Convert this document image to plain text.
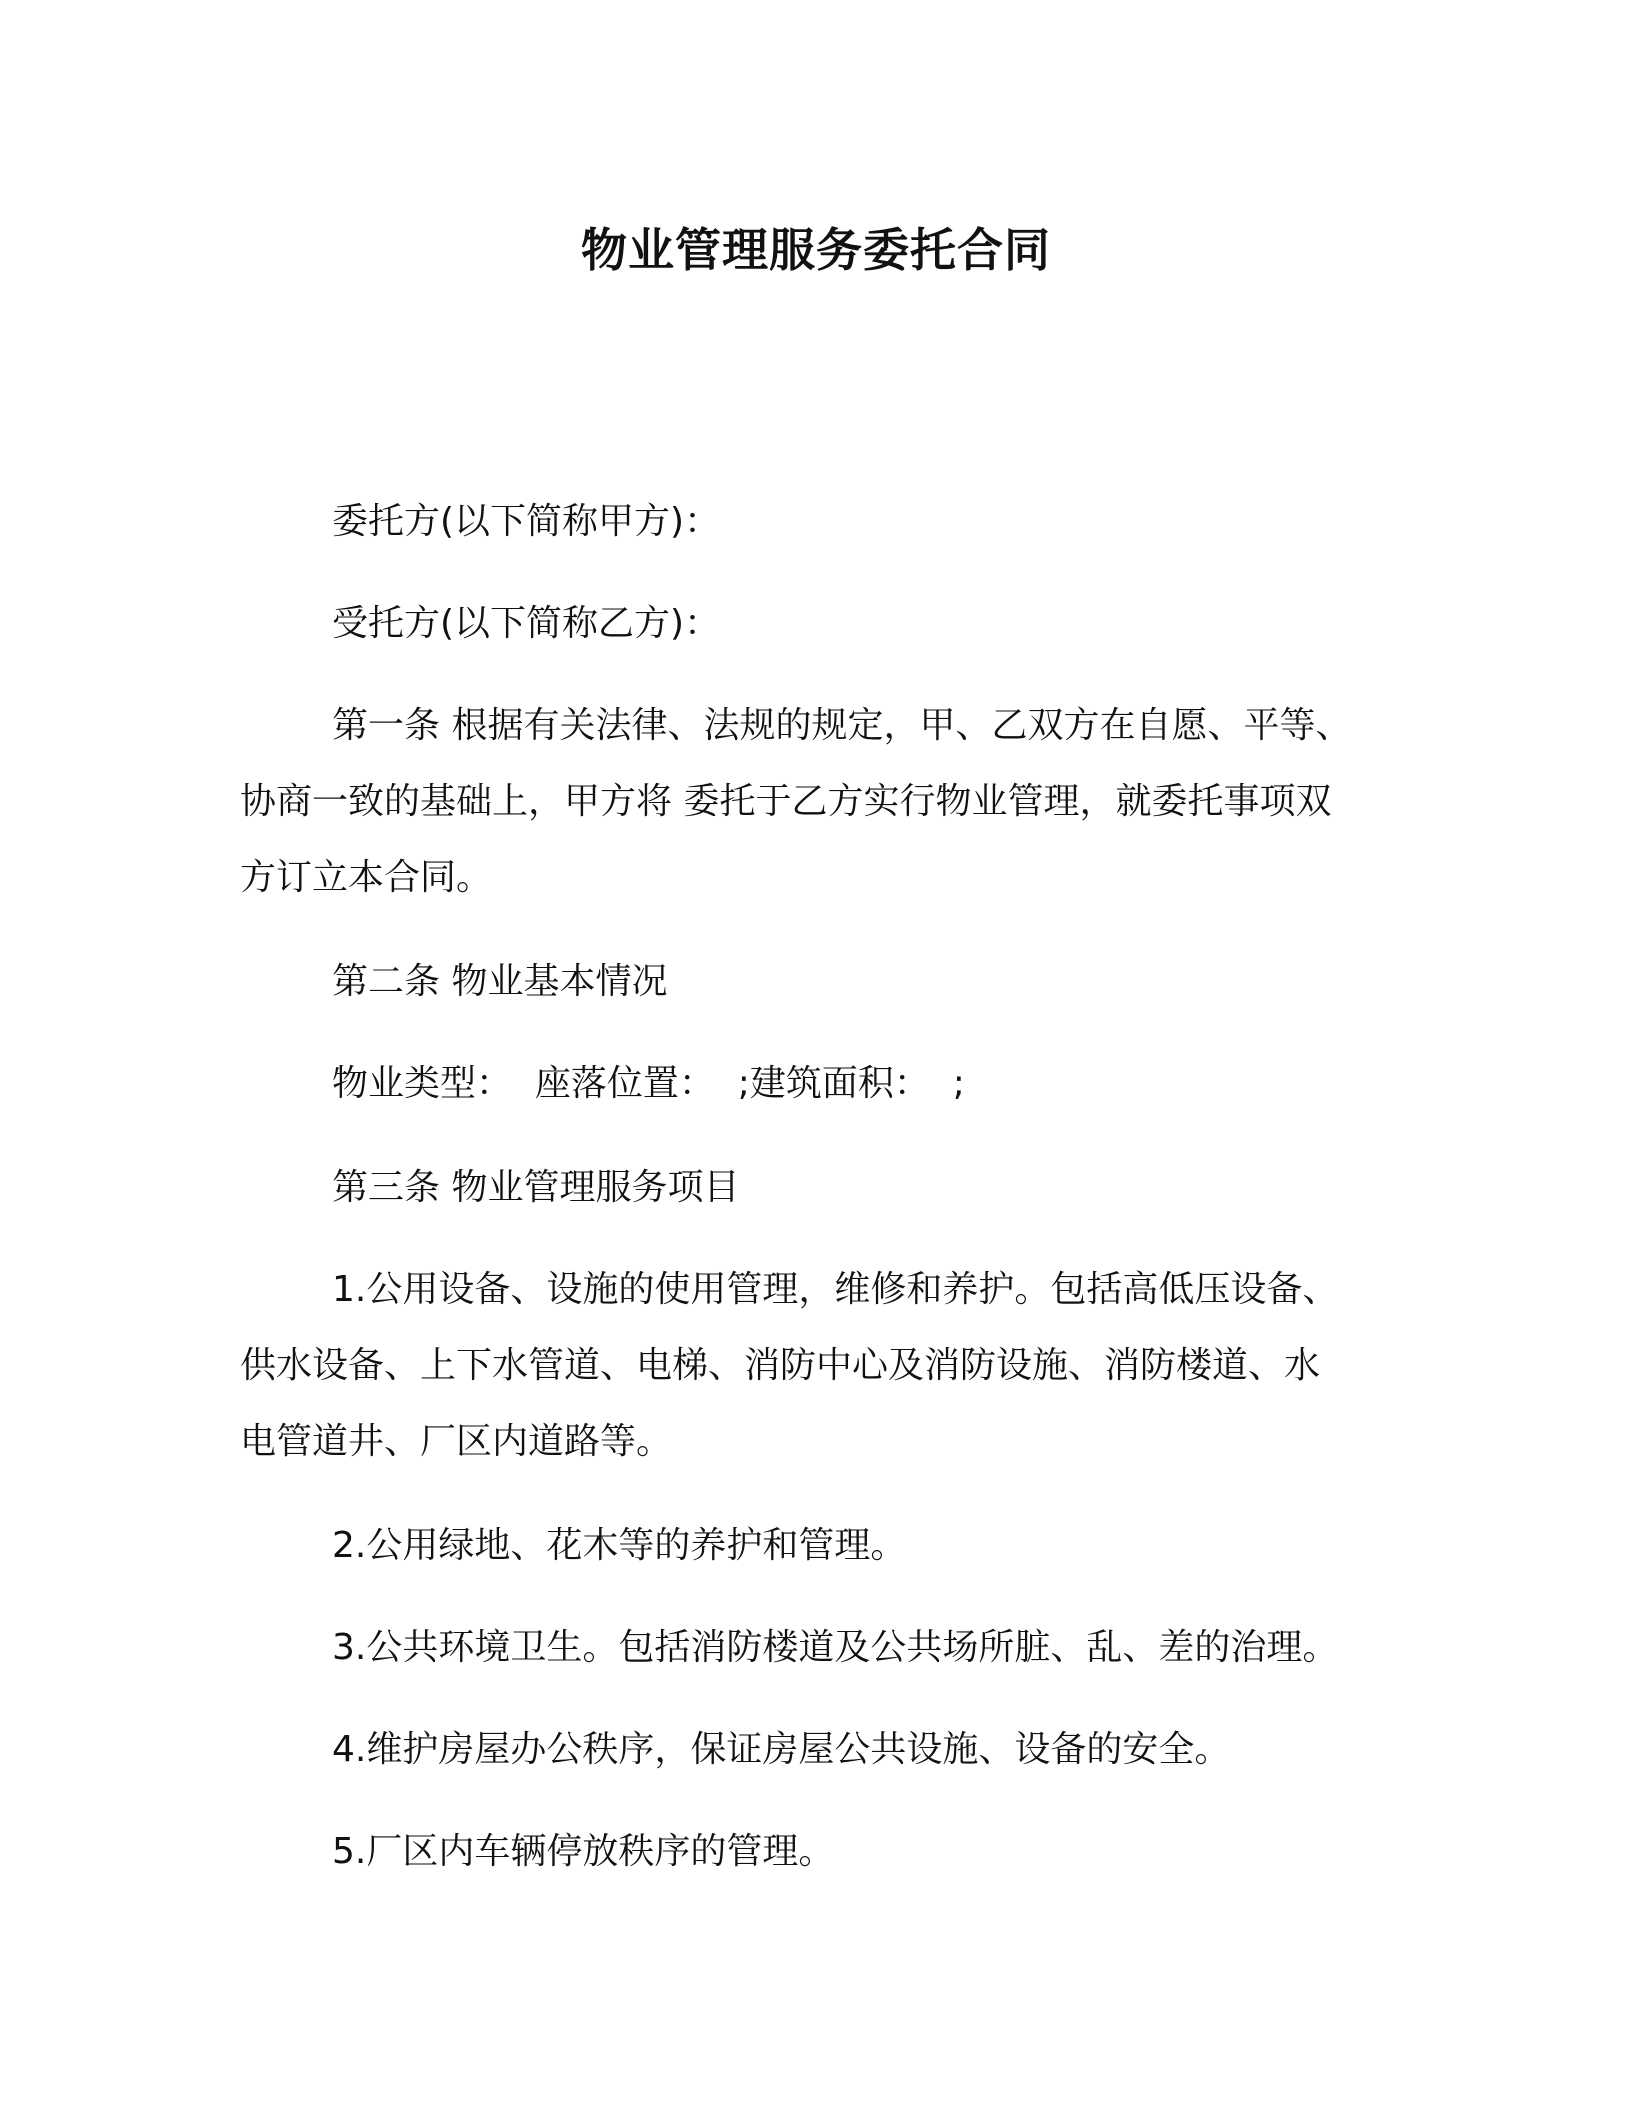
物业管理服务委托合同
委托方(以下简称甲方)：
受托方(以下简称乙方)：
第一条 根据有关法律、法规的规定，甲、乙双方在自愿、平等、
协商一致的基础上，甲方将 委托于乙方实行物业管理，就委托事项双
方订立本合同。
第二条 物业基本情况
物业类型：  座落位置：  ;建筑面积：  ;
第三条 物业管理服务项目
1.公用设备、设施的使用管理，维修和养护。包括高低压设备、
供水设备、上下水管道、电梯、消防中心及消防设施、消防楼道、水
电管道井、厂区内道路等。
2.公用绿地、花木等的养护和管理。
3.公共环境卫生。包括消防楼道及公共场所脏、乱、差的治理。
4.维护房屋办公秩序，保证房屋公共设施、设备的安全。
5.厂区内车辆停放秩序的管理。
